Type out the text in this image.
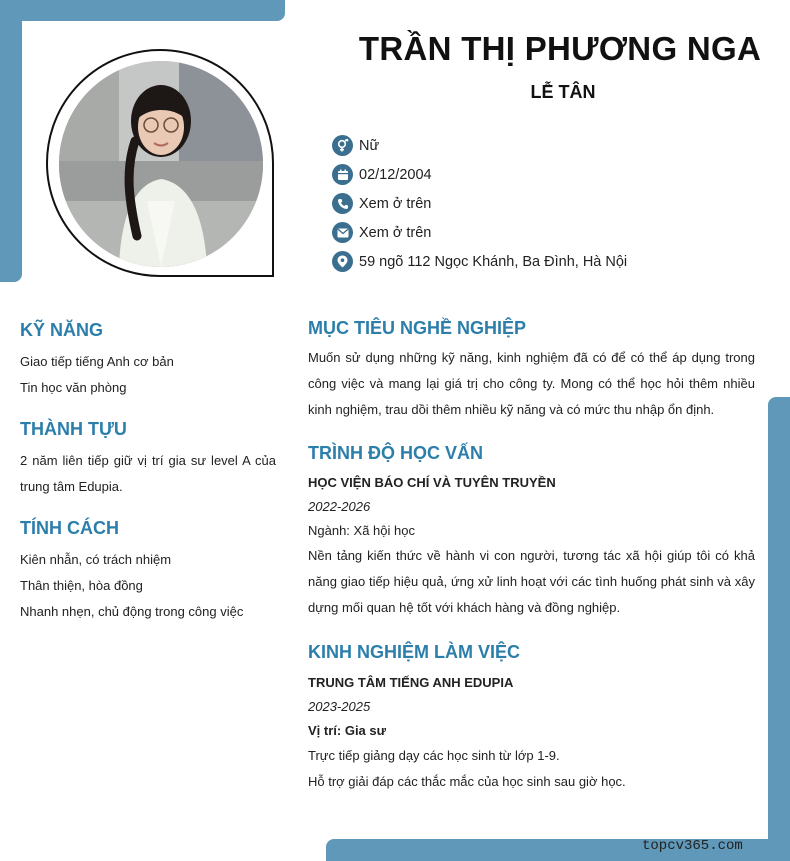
TRẦN THỊ PHƯƠNG NGA
LỄ TÂN
Nữ
02/12/2004
Xem ở trên
Xem ở trên
59 ngõ 112 Ngọc Khánh, Ba Đình, Hà Nội
KỸ NĂNG
Giao tiếp tiếng Anh cơ bản
Tin học văn phòng
THÀNH TỰU
2 năm liên tiếp giữ vị trí gia sư level A của trung tâm Edupia.
TÍNH CÁCH
Kiên nhẫn, có trách nhiệm
Thân thiện, hòa đồng
Nhanh nhẹn, chủ động trong công việc
MỤC TIÊU NGHỀ NGHIỆP
Muốn sử dụng những kỹ năng, kinh nghiệm đã có để có thể áp dụng trong công việc và mang lại giá trị cho công ty. Mong có thể học hỏi thêm nhiều kinh nghiệm, trau dồi thêm nhiều kỹ năng và có mức thu nhập ổn định.
TRÌNH ĐỘ HỌC VẤN
HỌC VIỆN BÁO CHÍ VÀ TUYÊN TRUYỀN
2022-2026
Ngành: Xã hội học
Nền tảng kiến thức về hành vi con người, tương tác xã hội giúp tôi có khả năng giao tiếp hiệu quả, ứng xử linh hoạt với các tình huống phát sinh và xây dựng mối quan hệ tốt với khách hàng và đồng nghiệp.
KINH NGHIỆM LÀM VIỆC
TRUNG TÂM TIẾNG ANH EDUPIA
2023-2025
Vị trí: Gia sư
Trực tiếp giảng dạy các học sinh từ lớp 1-9.
Hỗ trợ giải đáp các thắc mắc của học sinh sau giờ học.
topcv365.com
